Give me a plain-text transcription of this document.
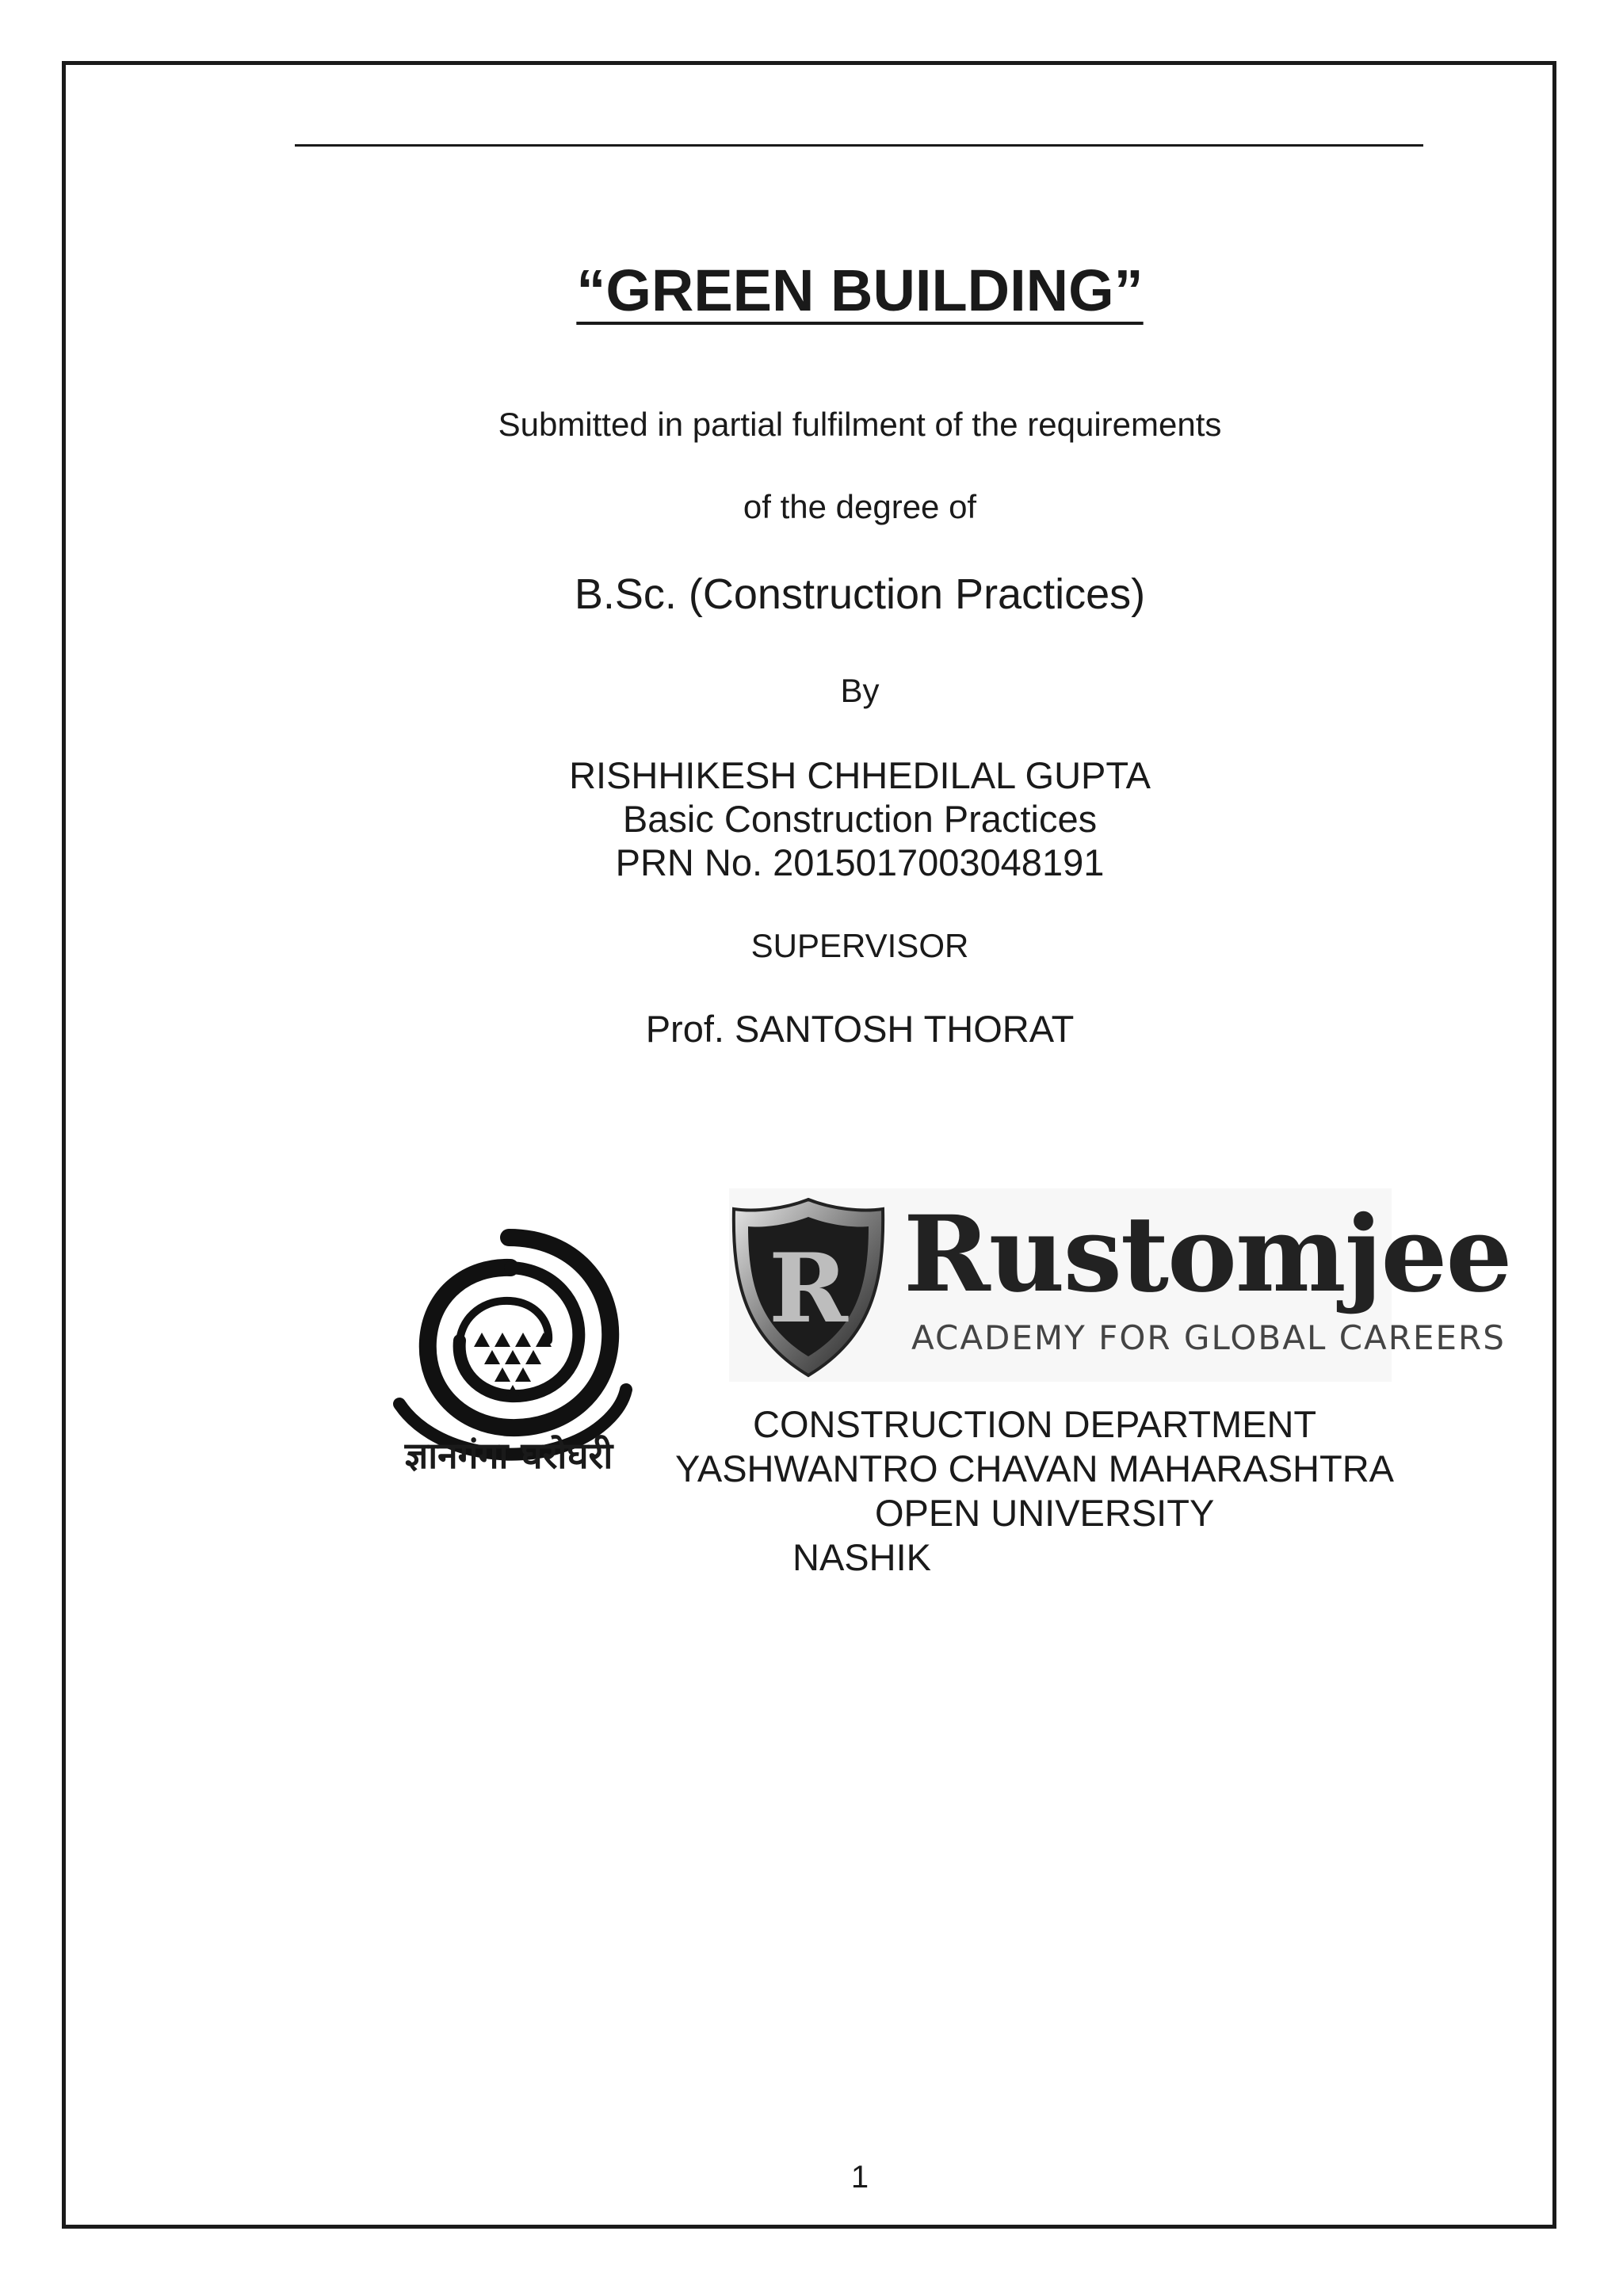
“GREEN BUILDING”
Submitted in partial fulfilment of the requirements
of the degree of
B.Sc. (Construction Practices)
By
RISHHIKESH CHHEDILAL GUPTA
Basic Construction Practices
PRN No. 2015017003048191
SUPERVISOR
Prof. SANTOSH THORAT
ज्ञानगंगा घरोघरी
R Rustomjee
ACADEMY FOR GLOBAL CAREERS
CONSTRUCTION DEPARTMENT
YASHWANTRO CHAVAN MAHARASHTRA
OPEN UNIVERSITY
NASHIK
1
